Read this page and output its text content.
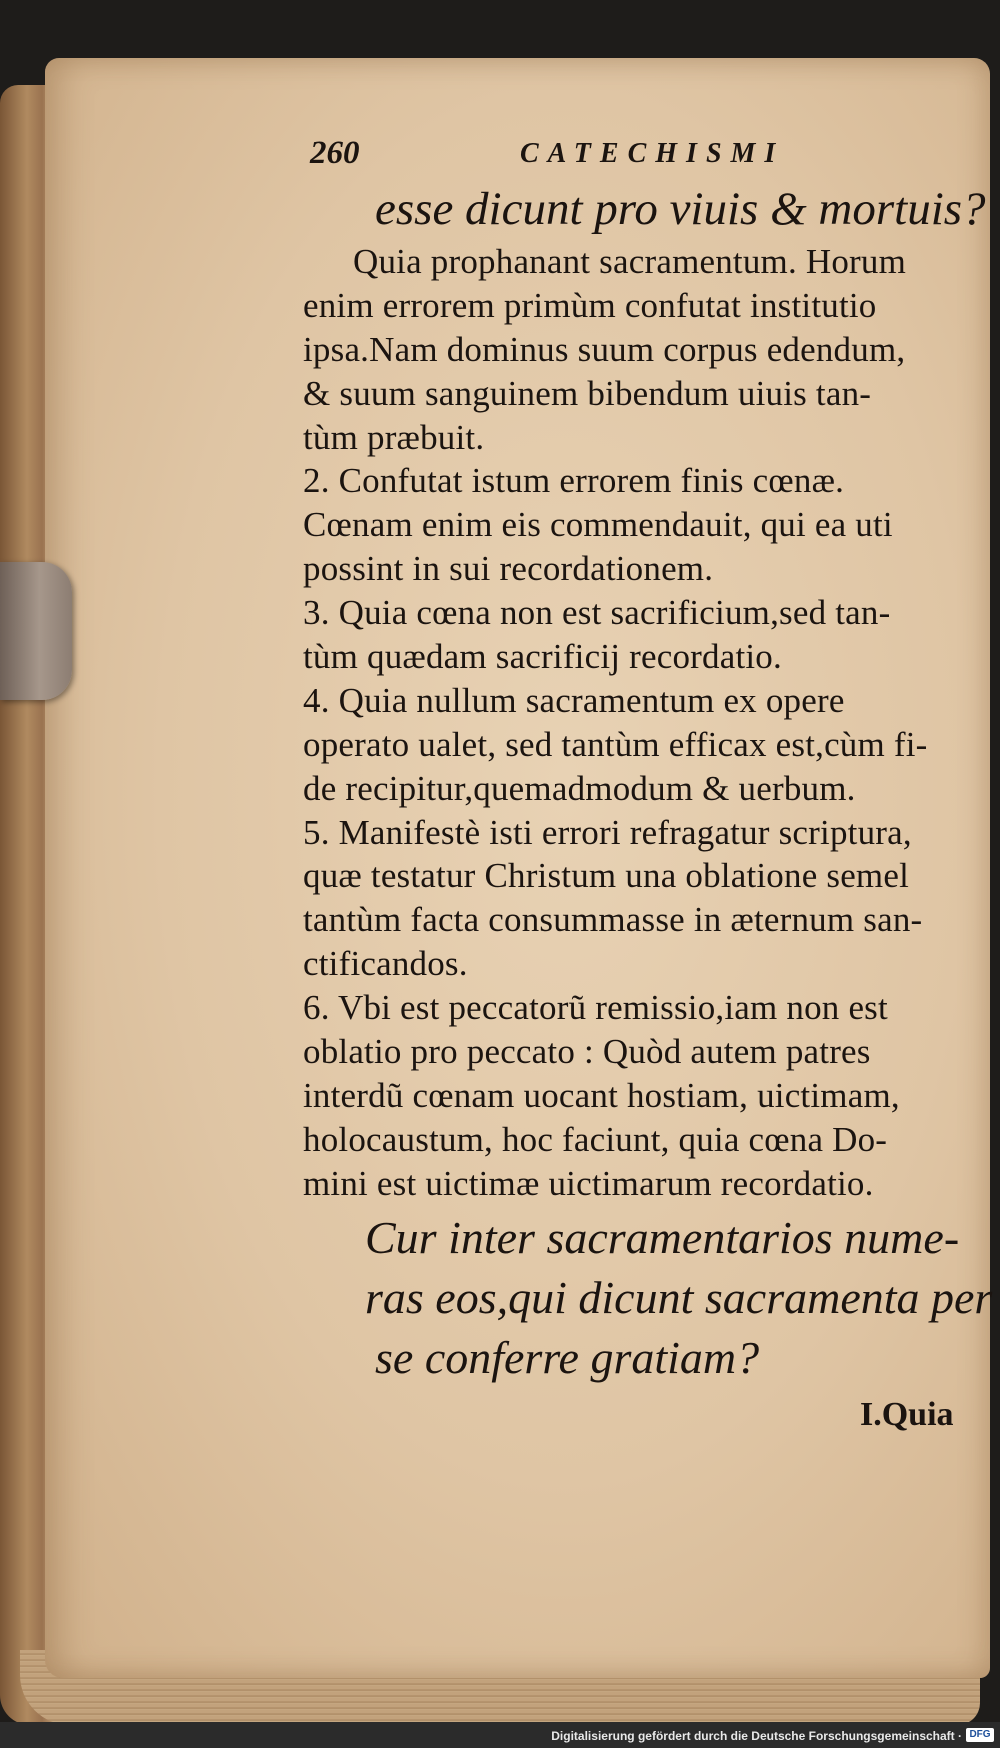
260	CATECHISMI
esse dicunt pro viuis & mortuis?
Quia prophanant sacramentum. Horum
enim errorem primùm confutat institutio
ipsa.Nam dominus suum corpus edendum,
& suum sanguinem bibendum uiuis tan-
tùm præbuit.
2. Confutat istum errorem finis cœnæ.
Cœnam enim eis commendauit, qui ea uti
possint in sui recordationem.
3. Quia cœna non est sacrificium,sed tan-
tùm quædam sacrificij recordatio.
4. Quia nullum sacramentum ex opere
operato ualet, sed tantùm efficax est,cùm fi-
de recipitur,quemadmodum & uerbum.
5. Manifestè isti errori refragatur scriptura,
quæ testatur Christum una oblatione semel
tantùm facta consummasse in æternum san-
ctificandos.
6. Vbi est peccatorũ remissio,iam non est
oblatio pro peccato : Quòd autem patres
interdũ cœnam uocant hostiam, uictimam,
holocaustum, hoc faciunt, quia cœna Do-
mini est uictimæ uictimarum recordatio.
Cur inter sacramentarios nume-
ras eos,qui dicunt sacramenta per
se conferre gratiam?
I.Quia
Digitalisierung gefördert durch die Deutsche Forschungsgemeinschaft · DFG
